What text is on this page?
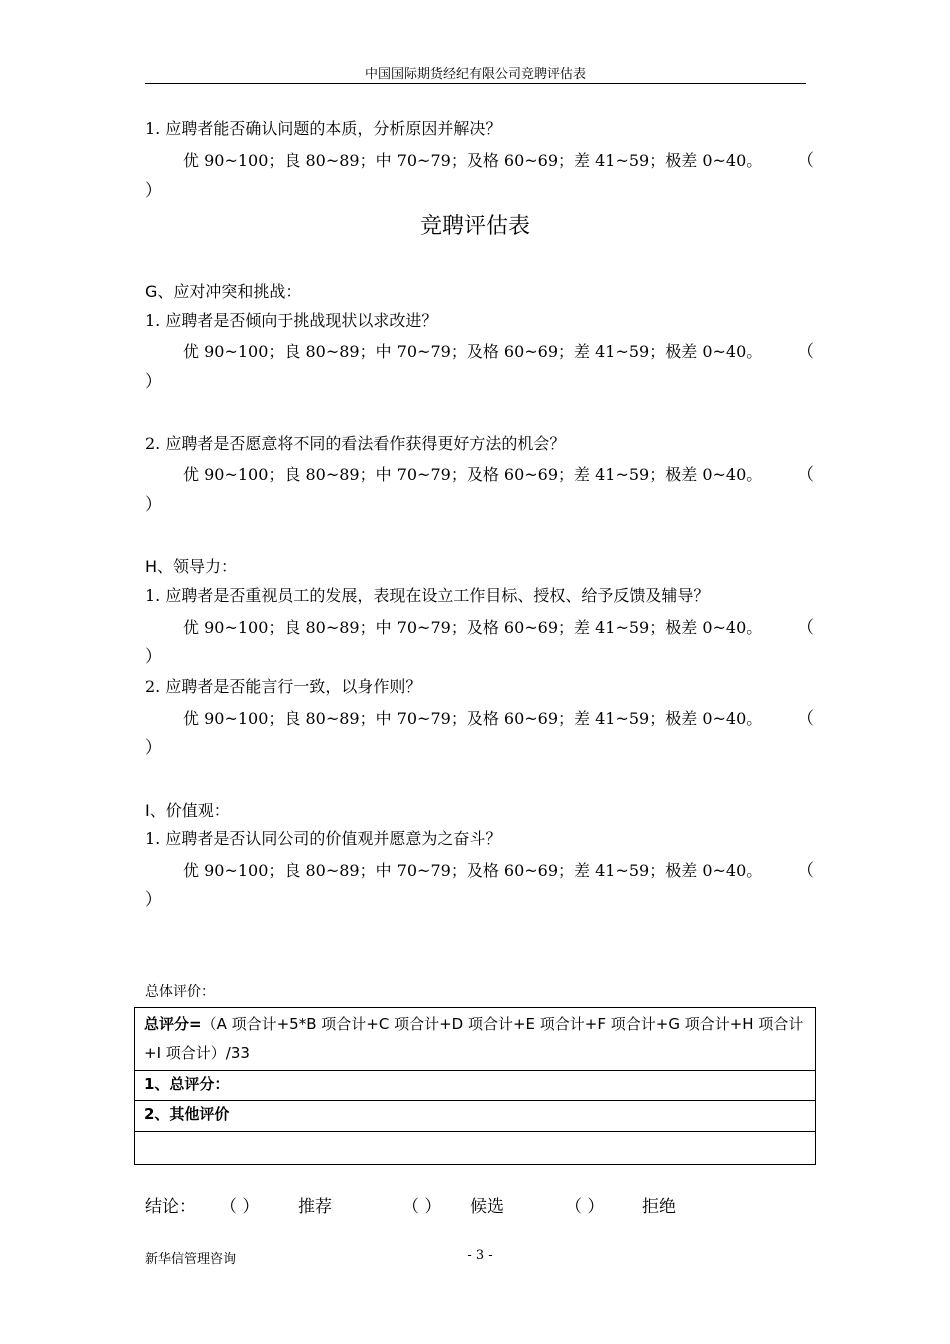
中国国际期货经纪有限公司竞聘评估表
1. 应聘者能否确认问题的本质，分析原因并解决？
优 90~100；良 80~89；中 70~79；及格 60~69；差 41~59；极差 0~40。 （
）
竞聘评估表
G、应对冲突和挑战：
1. 应聘者是否倾向于挑战现状以求改进？
优 90~100；良 80~89；中 70~79；及格 60~69；差 41~59；极差 0~40。 （
）
2. 应聘者是否愿意将不同的看法看作获得更好方法的机会？
优 90~100；良 80~89；中 70~79；及格 60~69；差 41~59；极差 0~40。 （
）
H、领导力：
1. 应聘者是否重视员工的发展，表现在设立工作目标、授权、给予反馈及辅导？
优 90~100；良 80~89；中 70~79；及格 60~69；差 41~59；极差 0~40。 （
）
2. 应聘者是否能言行一致，以身作则？
优 90~100；良 80~89；中 70~79；及格 60~69；差 41~59；极差 0~40。 （
）
I、价值观：
1. 应聘者是否认同公司的价值观并愿意为之奋斗？
优 90~100；良 80~89；中 70~79；及格 60~69；差 41~59；极差 0~40。 （
）
总体评价：
总评分=（A 项合计+5*B 项合计+C 项合计+D 项合计+E 项合计+F 项合计+G 项合计+H 项合计+I 项合计）/33
1、总评分：
2、其他评价

结论： （ ） 推荐	（ ） 候选	（ ） 拒绝
新华信管理咨询	- 3 -
